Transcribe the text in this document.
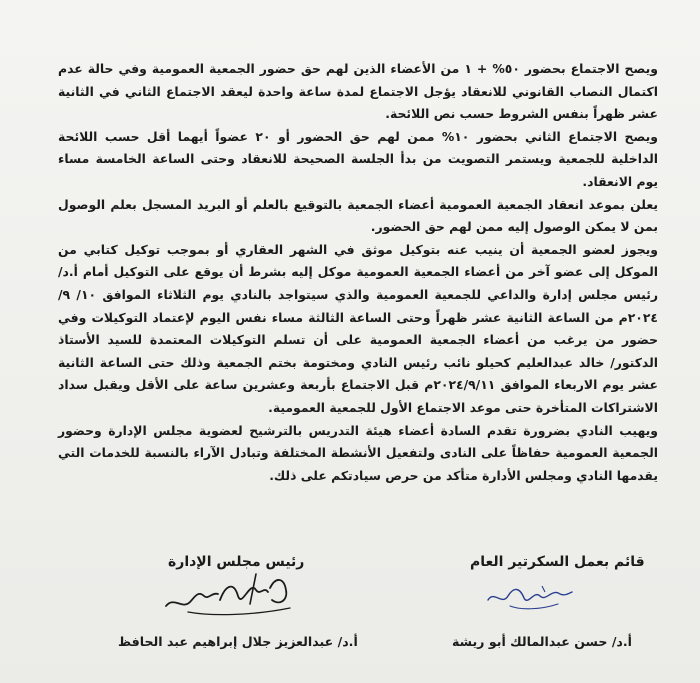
ويصح الاجتماع بحضور ٥٠% + ١ من الأعضاء الذين لهم حق حضور الجمعية العمومية وفي حالة عدم اكتمال النصاب القانوني للانعقاد يؤجل الاجتماع لمدة ساعة واحدة ليعقد الاجتماع الثاني في الثانية عشر ظهراً بنفس الشروط حسب نص اللائحة.

ويصح الاجتماع الثاني بحضور ١٠% ممن لهم حق الحضور أو ٢٠ عضواً أيهما أقل حسب اللائحة الداخلية للجمعية ويستمر التصويت من بدأ الجلسة الصحيحة للانعقاد وحتى الساعة الخامسة مساء يوم الانعقاد.

يعلن بموعد انعقاد الجمعية العمومية أعضاء الجمعية بالتوقيع بالعلم أو البريد المسجل بعلم الوصول بمن لا يمكن الوصول إليه ممن لهم حق الحضور.

ويجوز لعضو الجمعية أن ينيب عنه بتوكيل موثق في الشهر العقاري أو بموجب توكيل كتابي من الموكل إلى عضو آخر من أعضاء الجمعية العمومية موكل إليه بشرط أن يوقع على التوكيل أمام أ.د/ رئيس مجلس إدارة والداعي للجمعية العمومية والذي سيتواجد بالنادي يوم الثلاثاء الموافق ١٠/ ٩/ ٢٠٢٤م من الساعة الثانية عشر ظهراً وحتى الساعة الثالثة مساء نفس اليوم لإعتماد التوكيلات وفي حضور من يرغب من أعضاء الجمعية العمومية على أن تسلم التوكيلات المعتمدة للسيد الأستاذ الدكتور/ خالد عبدالعليم كحيلو نائب رئيس النادي ومختومة بختم الجمعية وذلك حتى الساعة الثانية عشر يوم الاربعاء الموافق ٢٠٢٤/٩/١١م قبل الاجتماع بأربعة وعشرين ساعة على الأقل ويقبل سداد الاشتراكات المتأخرة حتى موعد الاجتماع الأول للجمعية العمومية.

ويهيب النادي بضرورة تقدم السادة أعضاء هيئة التدريس بالترشيح لعضوية مجلس الإدارة وحضور الجمعية العمومية حفاظاً على النادى ولتفعيل الأنشطة المختلفة وتبادل الآراء بالنسبة للخدمات التي يقدمها النادي ومجلس الأدارة متأكد من حرص سيادتكم على ذلك.

قائم بعمل السكرتير العام
أ.د/ حسن عبدالمالك أبو ريشة
رئيس مجلس الإدارة
أ.د/ عبدالعزيز جلال إبراهيم عبد الحافظ
